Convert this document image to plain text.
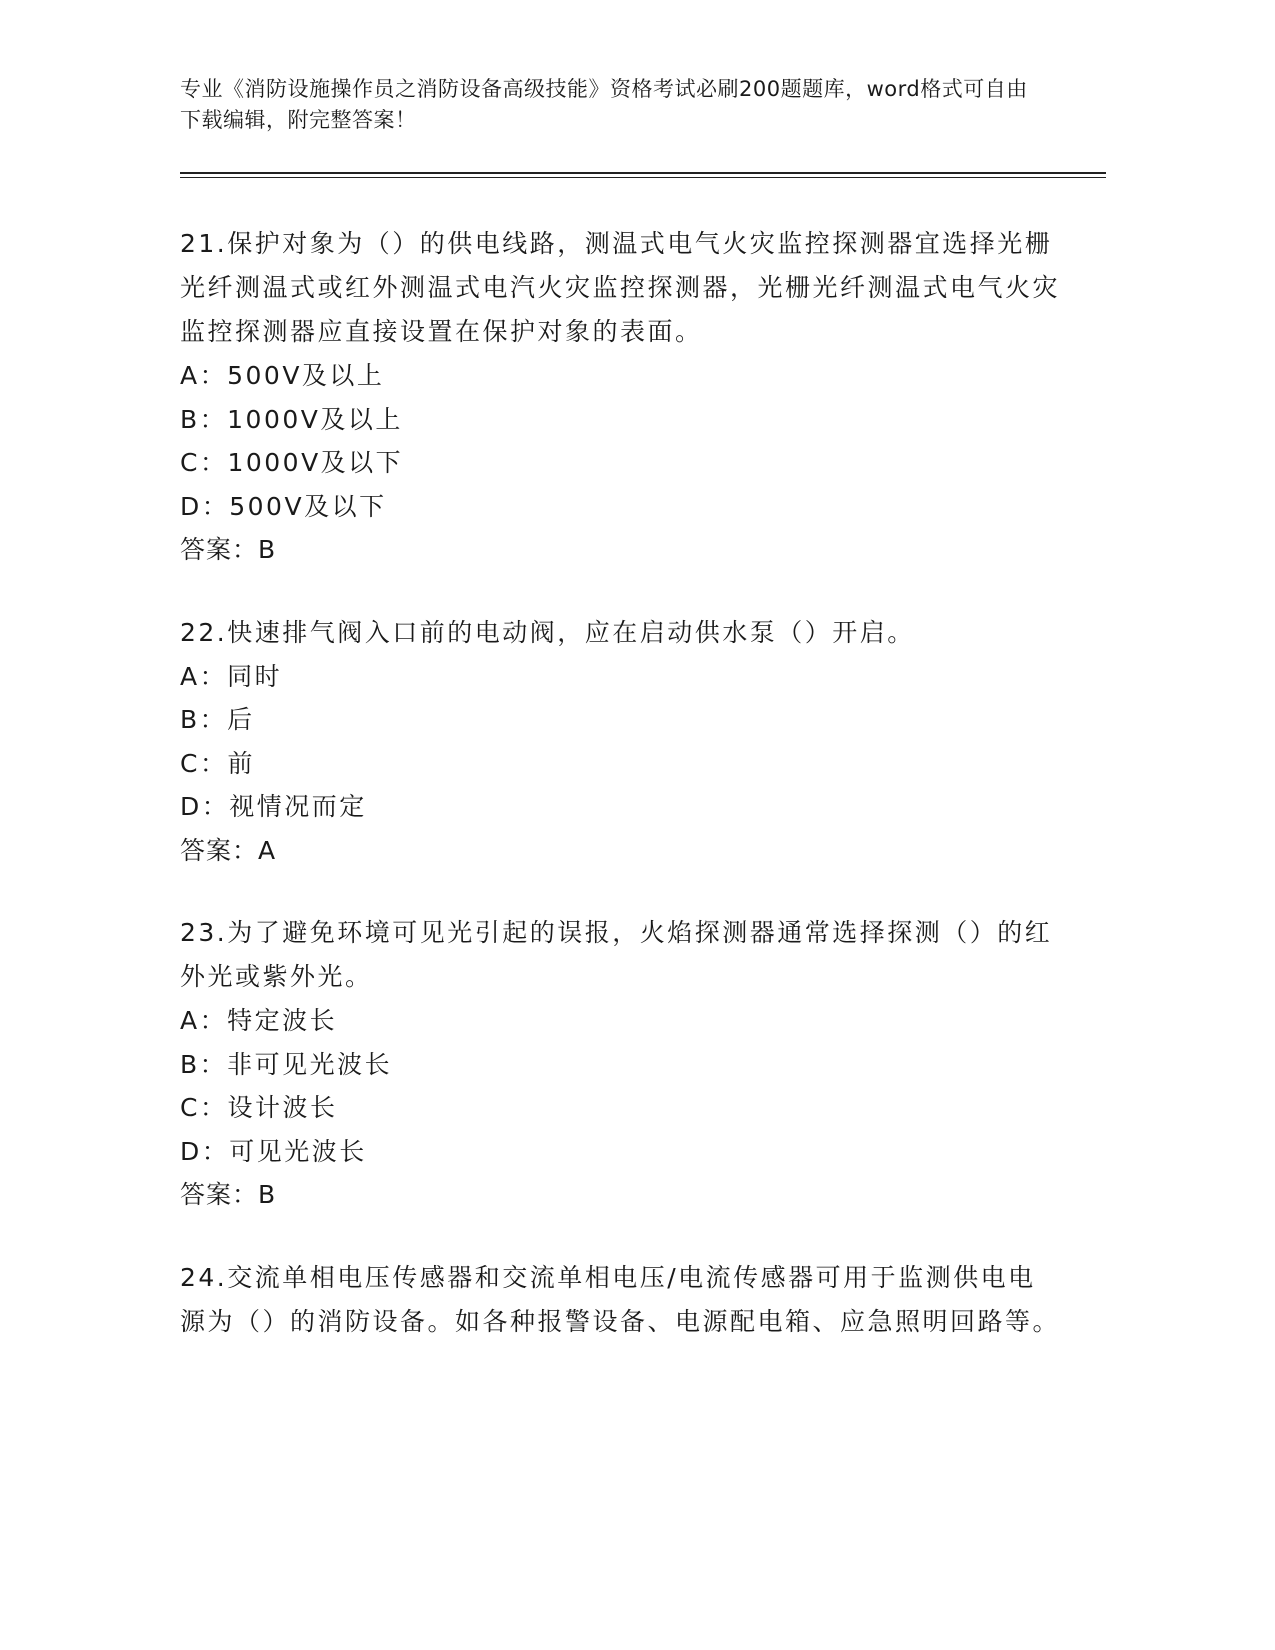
专业《消防设施操作员之消防设备高级技能》资格考试必刷200题题库，word格式可自由下载编辑，附完整答案！

21.保护对象为（）的供电线路，测温式电气火灾监控探测器宜选择光栅光纤测温式或红外测温式电汽火灾监控探测器，光栅光纤测温式电气火灾监控探测器应直接设置在保护对象的表面。

A：500V及以上
B：1000V及以上
C：1000V及以下
D：500V及以下
答案：B

22.快速排气阀入口前的电动阀，应在启动供水泵（）开启。

A：同时
B：后
C：前
D：视情况而定
答案：A

23.为了避免环境可见光引起的误报，火焰探测器通常选择探测（）的红外光或紫外光。

A：特定波长
B：非可见光波长
C：设计波长
D：可见光波长
答案：B

24.交流单相电压传感器和交流单相电压/电流传感器可用于监测供电电源为（）的消防设备。如各种报警设备、电源配电箱、应急照明回路等。
